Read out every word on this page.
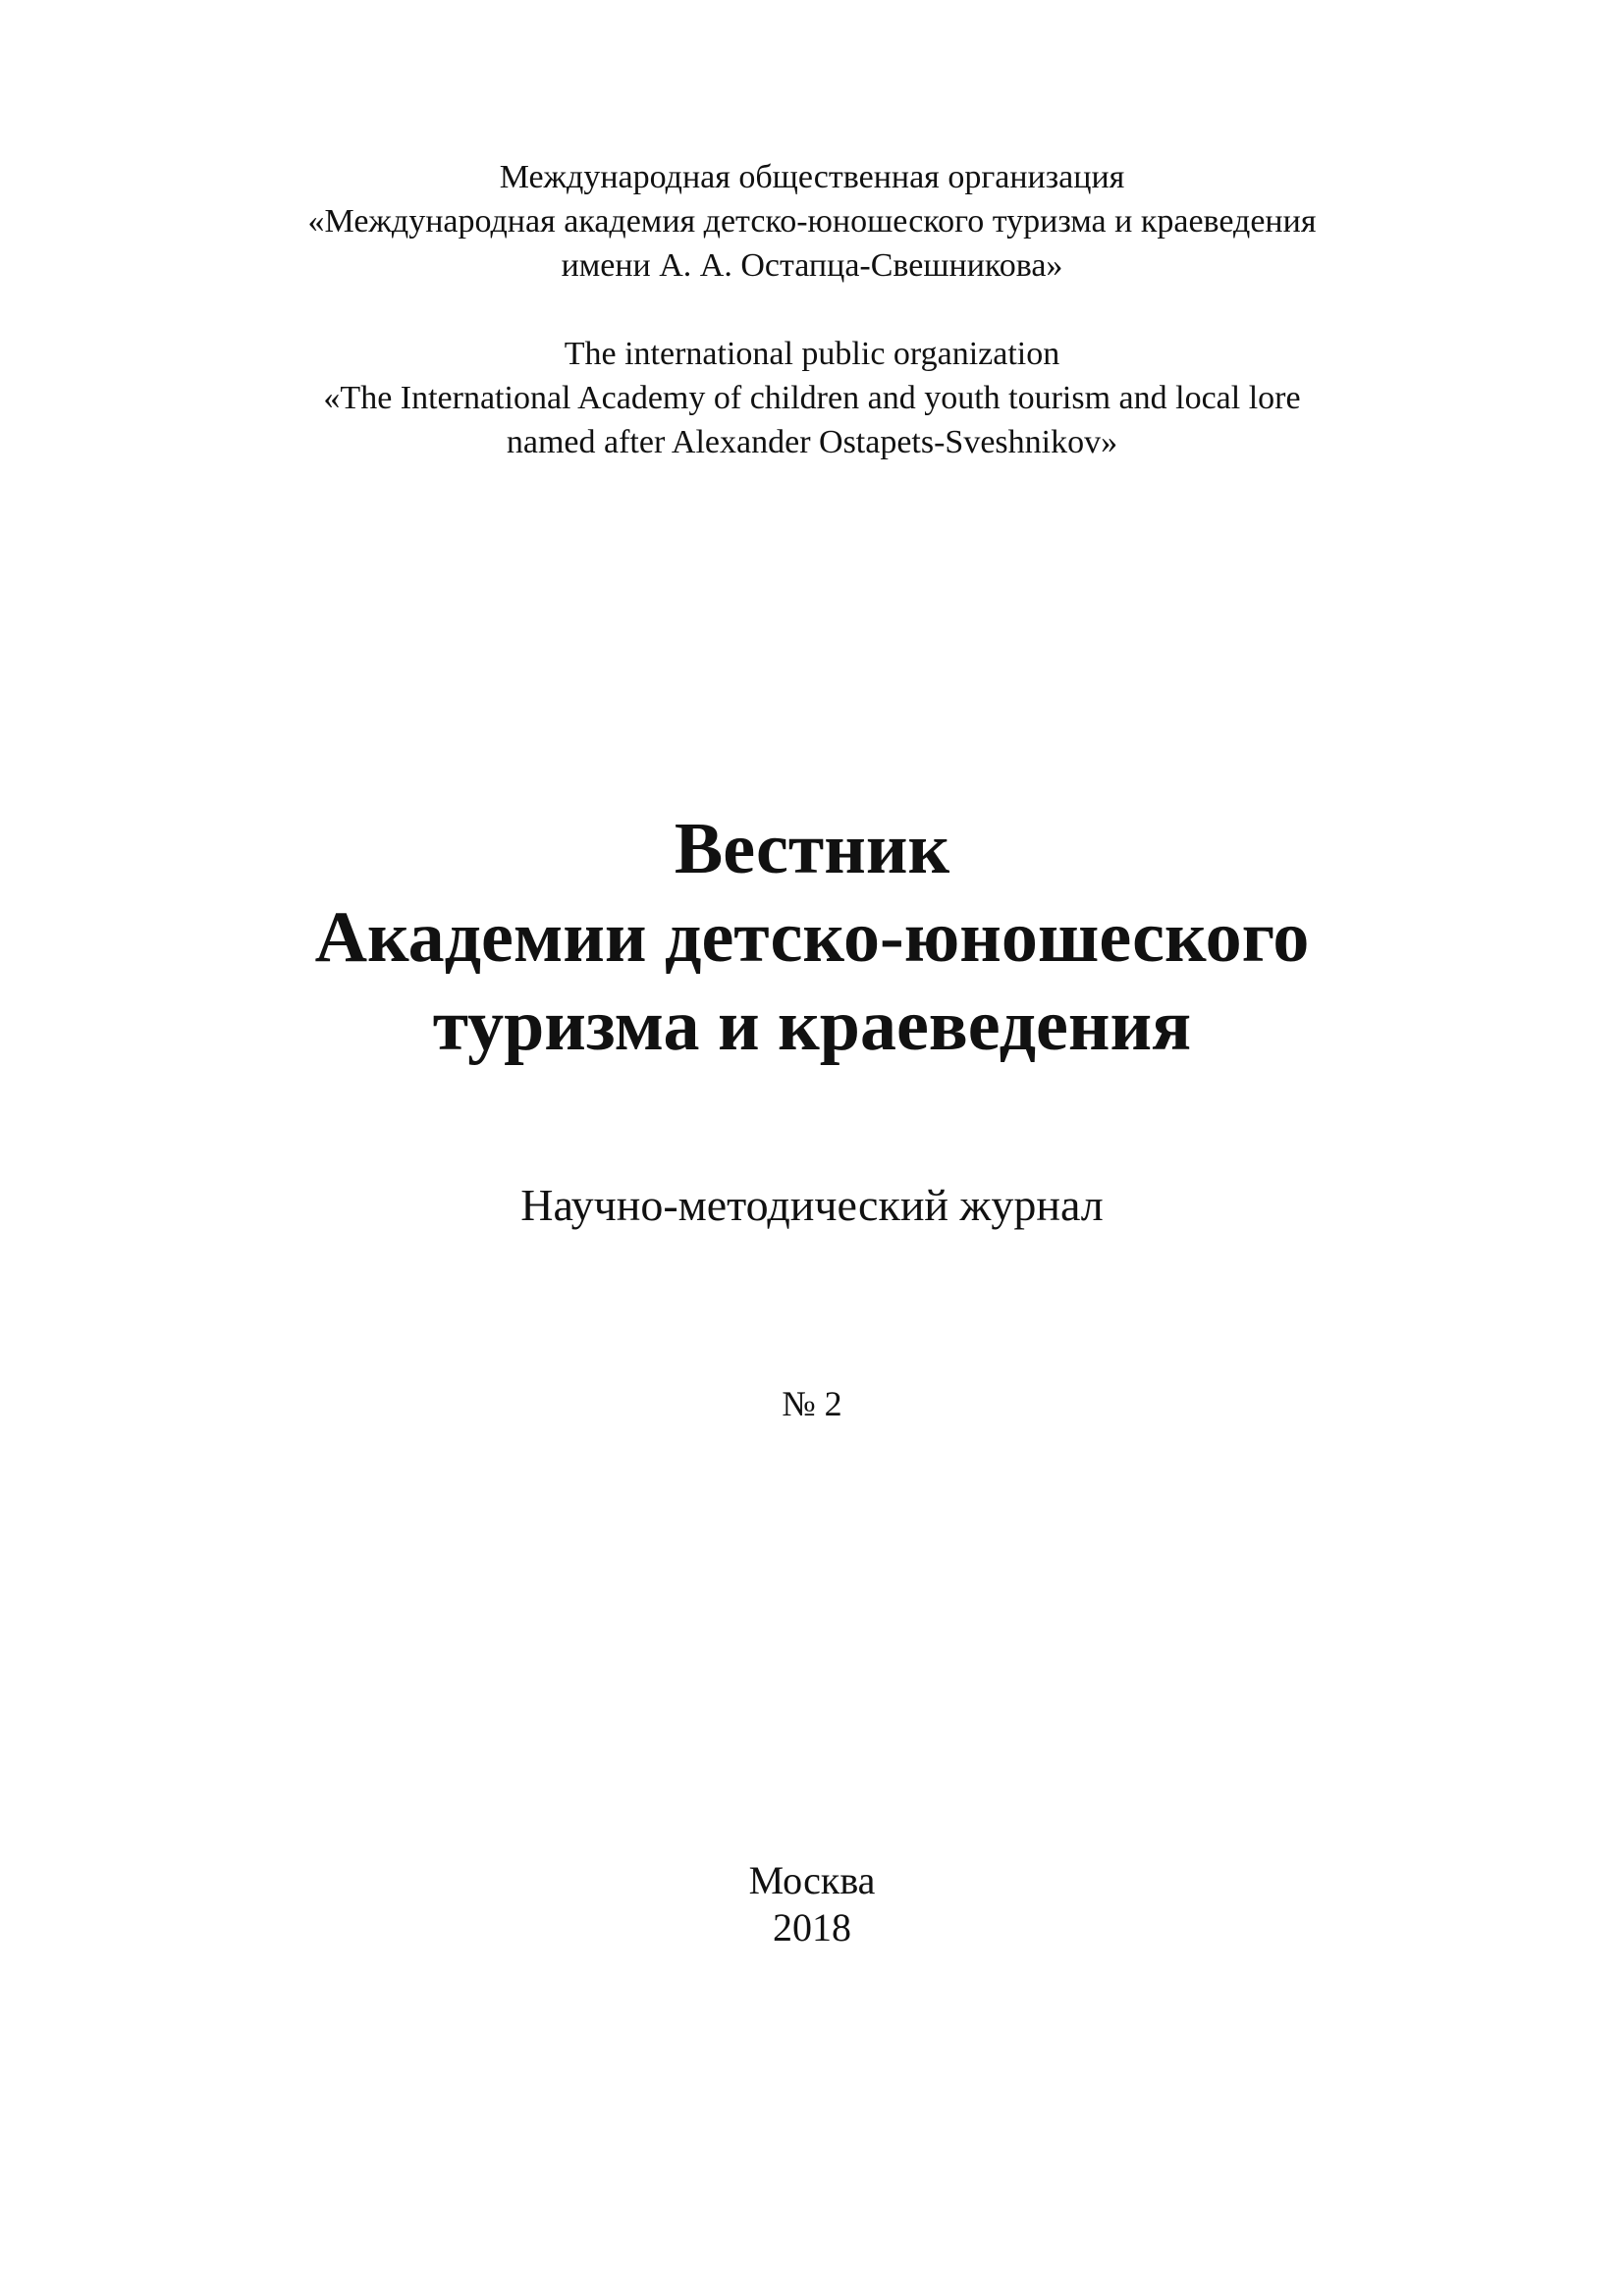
Международная общественная организация
«Международная академия детско-юношеского туризма и краеведения
имени А. А. Остапца-Свешникова»
The international public organization
«The International Academy of children and youth tourism and local lore
named after Alexander Ostapets-Sveshnikov»
Вестник
Академии детско-юношеского
туризма и краеведения
Научно-методический журнал
№ 2
Москва
2018
